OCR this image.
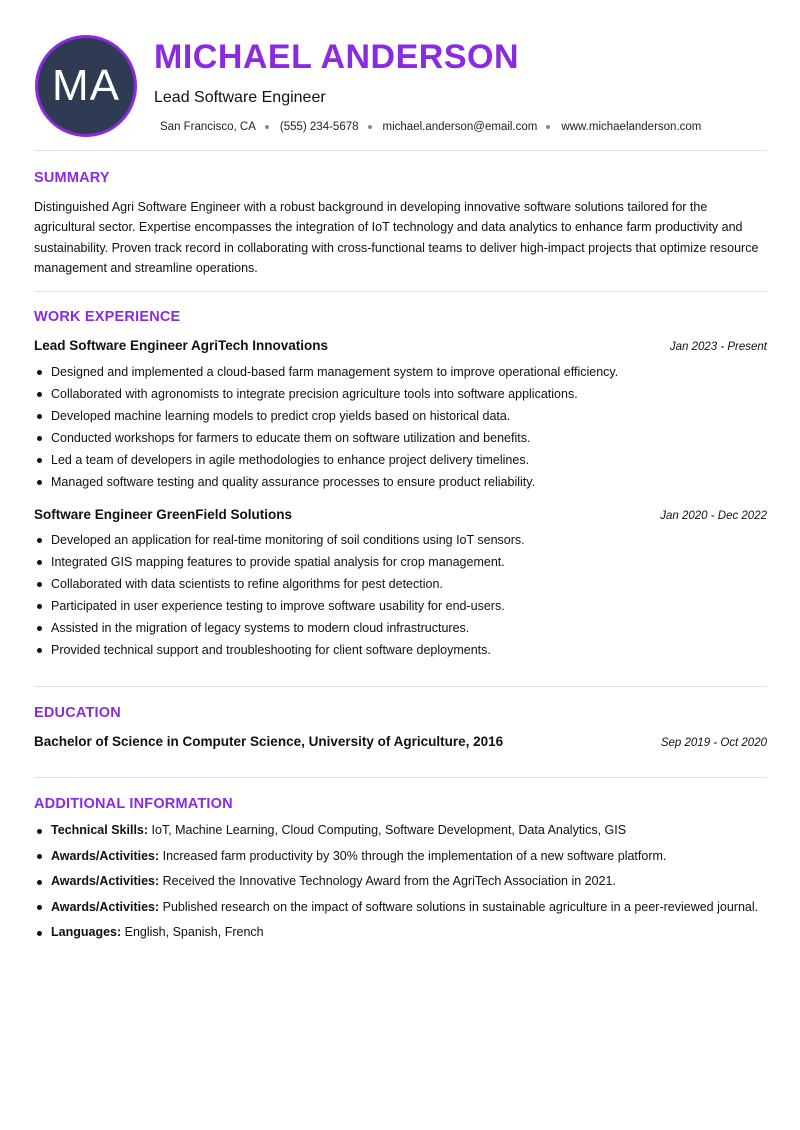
MA
MICHAEL ANDERSON
Lead Software Engineer
San Francisco, CA (555) 234-5678 michael.anderson@email.com www.michaelanderson.com
SUMMARY

Distinguished Agri Software Engineer with a robust background in developing innovative software solutions tailored for the agricultural sector. Expertise encompasses the integration of IoT technology and data analytics to enhance farm productivity and sustainability. Proven track record in collaborating with cross-functional teams to deliver high-impact projects that optimize resource management and streamline operations.

WORK EXPERIENCE
Lead Software Engineer AgriTech Innovations	Jan 2023 - Present
Designed and implemented a cloud-based farm management system to improve operational efficiency.
Collaborated with agronomists to integrate precision agriculture tools into software applications.
Developed machine learning models to predict crop yields based on historical data.
Conducted workshops for farmers to educate them on software utilization and benefits.
Led a team of developers in agile methodologies to enhance project delivery timelines.
Managed software testing and quality assurance processes to ensure product reliability.
Software Engineer GreenField Solutions	Jan 2020 - Dec 2022
Developed an application for real-time monitoring of soil conditions using IoT sensors.
Integrated GIS mapping features to provide spatial analysis for crop management.
Collaborated with data scientists to refine algorithms for pest detection.
Participated in user experience testing to improve software usability for end-users.
Assisted in the migration of legacy systems to modern cloud infrastructures.
Provided technical support and troubleshooting for client software deployments.
EDUCATION
Bachelor of Science in Computer Science, University of Agriculture, 2016	Sep 2019 - Oct 2020
ADDITIONAL INFORMATION
Technical Skills: IoT, Machine Learning, Cloud Computing, Software Development, Data Analytics, GIS
Awards/Activities: Increased farm productivity by 30% through the implementation of a new software platform.
Awards/Activities: Received the Innovative Technology Award from the AgriTech Association in 2021.
Awards/Activities: Published research on the impact of software solutions in sustainable agriculture in a peer-reviewed journal.
Languages: English, Spanish, French
